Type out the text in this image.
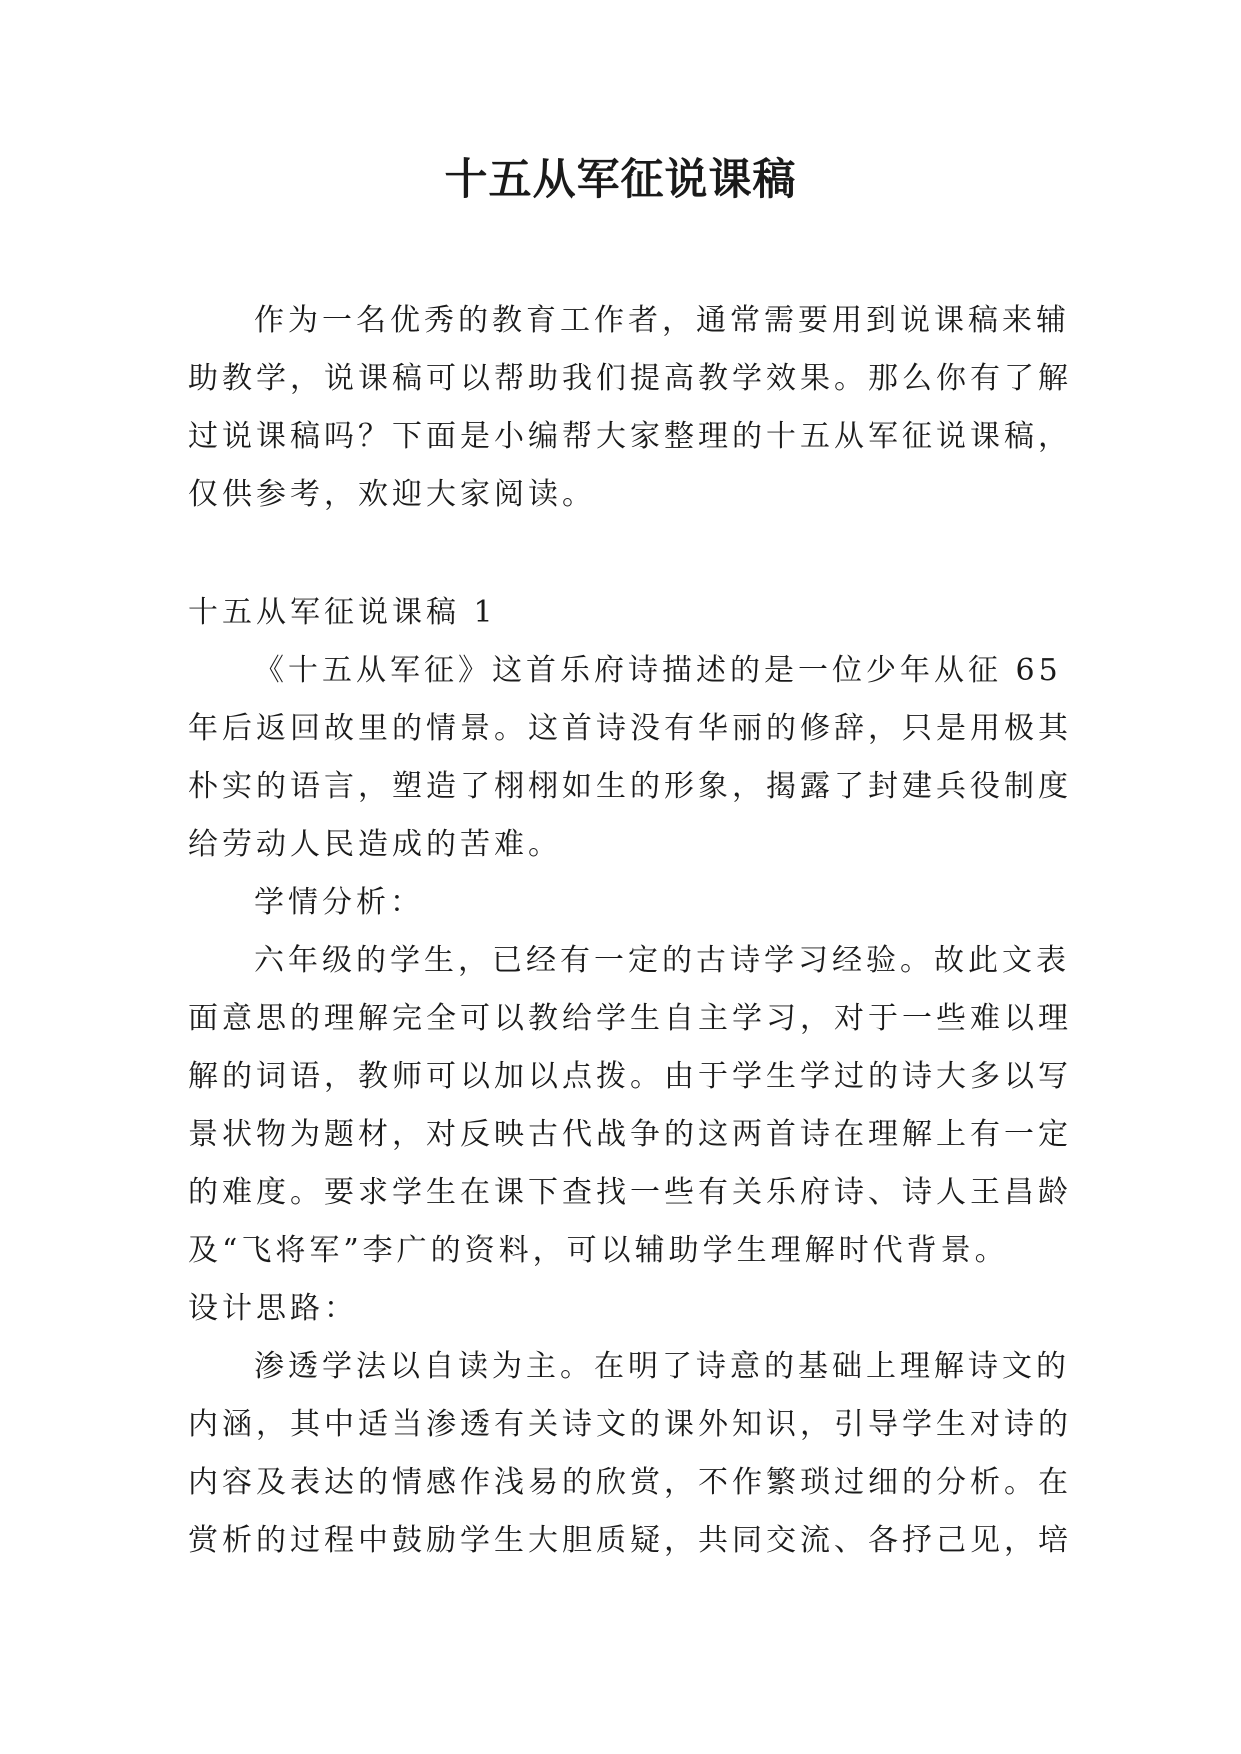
十五从军征说课稿
作为一名优秀的教育工作者，通常需要用到说课稿来辅
助教学，说课稿可以帮助我们提高教学效果。那么你有了解
过说课稿吗？下面是小编帮大家整理的十五从军征说课稿，
仅供参考，欢迎大家阅读。
十五从军征说课稿 1
《十五从军征》这首乐府诗描述的是一位少年从征 65
年后返回故里的情景。这首诗没有华丽的修辞，只是用极其
朴实的语言，塑造了栩栩如生的形象，揭露了封建兵役制度
给劳动人民造成的苦难。
学情分析：
六年级的学生，已经有一定的古诗学习经验。故此文表
面意思的理解完全可以教给学生自主学习，对于一些难以理
解的词语，教师可以加以点拨。由于学生学过的诗大多以写
景状物为题材，对反映古代战争的这两首诗在理解上有一定
的难度。要求学生在课下查找一些有关乐府诗、诗人王昌龄
及“飞将军”李广的资料，可以辅助学生理解时代背景。
设计思路：
渗透学法以自读为主。在明了诗意的基础上理解诗文的
内涵，其中适当渗透有关诗文的课外知识，引导学生对诗的
内容及表达的情感作浅易的欣赏，不作繁琐过细的分析。在
赏析的过程中鼓励学生大胆质疑，共同交流、各抒己见，培
